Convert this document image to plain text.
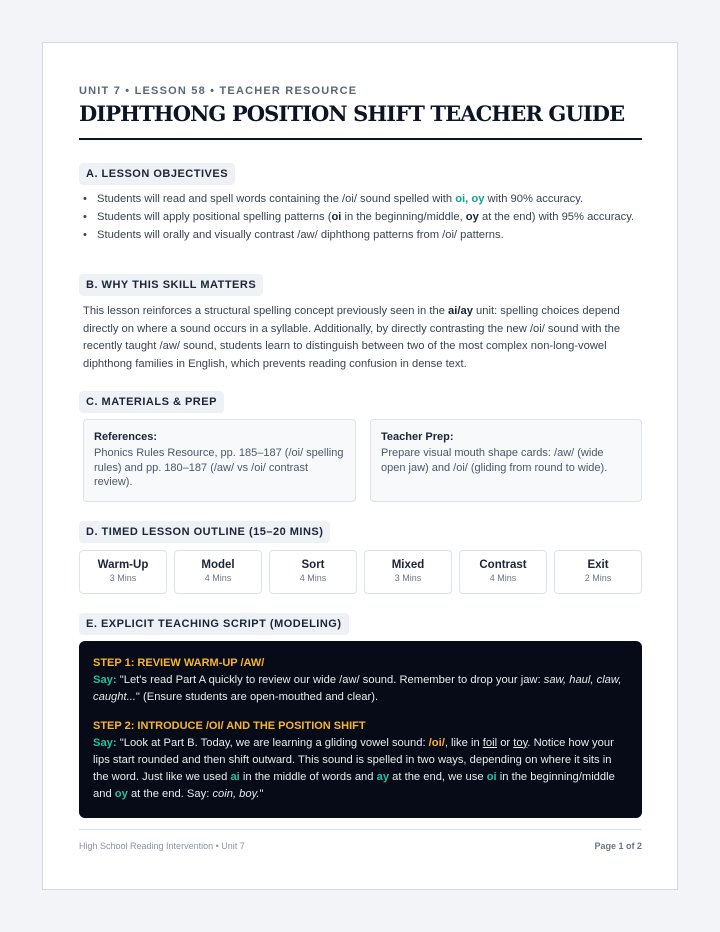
UNIT 7 • LESSON 58 • TEACHER RESOURCE
DIPHTHONG POSITION SHIFT TEACHER GUIDE
A. LESSON OBJECTIVES
• Students will read and spell words containing the /oi/ sound spelled with oi, oy with 90% accuracy.
• Students will apply positional spelling patterns (oi in the beginning/middle, oy at the end) with 95% accuracy.
• Students will orally and visually contrast /aw/ diphthong patterns from /oi/ patterns.
B. WHY THIS SKILL MATTERS

This lesson reinforces a structural spelling concept previously seen in the ai/ay unit: spelling choices depend directly on where a sound occurs in a syllable. Additionally, by directly contrasting the new /oi/ sound with the recently taught /aw/ sound, students learn to distinguish between two of the most complex non-long-vowel diphthong families in English, which prevents reading confusion in dense text.

C. MATERIALS & PREP
References:
Phonics Rules Resource, pp. 185–187 (/oi/ spelling rules) and pp. 180–187 (/aw/ vs /oi/ contrast review).
Teacher Prep:
Prepare visual mouth shape cards: /aw/ (wide open jaw) and /oi/ (gliding from round to wide).
D. TIMED LESSON OUTLINE (15–20 MINS)
Warm-Up
3 Mins
Model
4 Mins
Sort
4 Mins
Mixed
3 Mins
Contrast
4 Mins
Exit
2 Mins
E. EXPLICIT TEACHING SCRIPT (MODELING)
STEP 1: REVIEW WARM-UP /AW/
Say: "Let's read Part A quickly to review our wide /aw/ sound. Remember to drop your jaw: saw, haul, claw, caught..." (Ensure students are open-mouthed and clear).
STEP 2: INTRODUCE /OI/ AND THE POSITION SHIFT
Say: "Look at Part B. Today, we are learning a gliding vowel sound: /oi/, like in foil or toy. Notice how your lips start rounded and then shift outward. This sound is spelled in two ways, depending on where it sits in the word. Just like we used ai in the middle of words and ay at the end, we use oi in the beginning/middle and oy at the end. Say: coin, boy."
High School Reading Intervention • Unit 7	Page 1 of 2
